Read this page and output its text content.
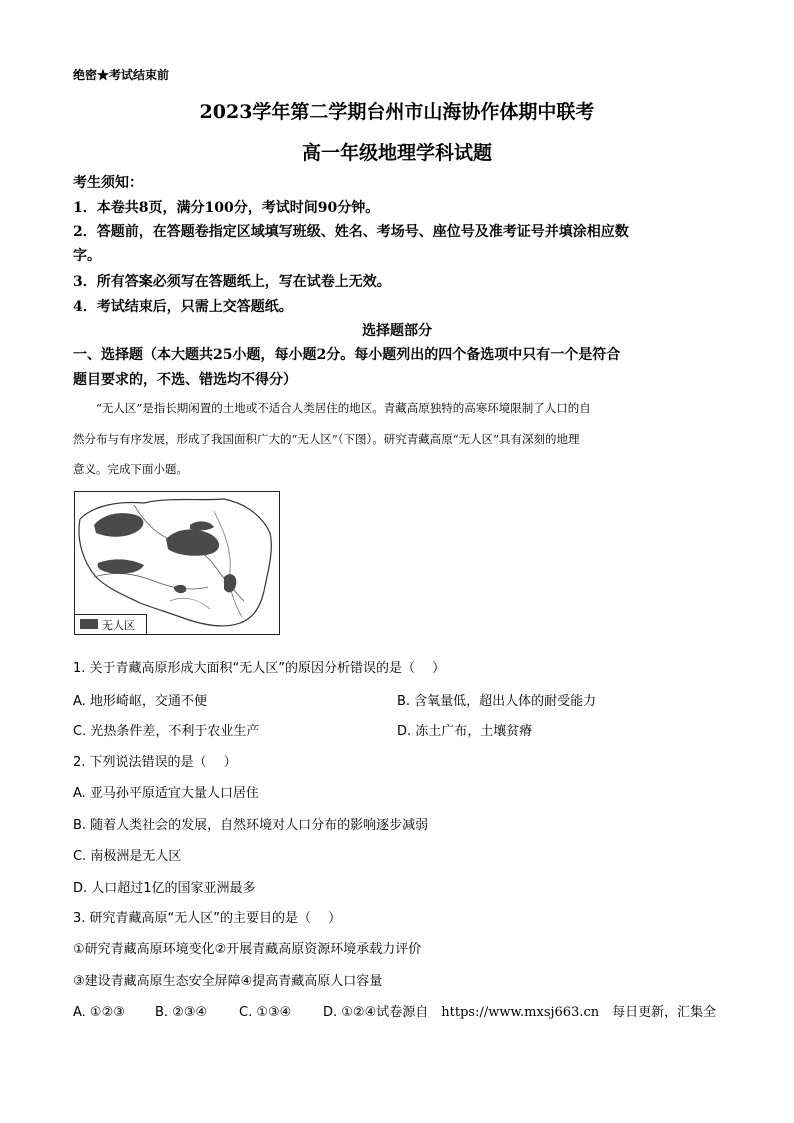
绝密★考试结束前
2023学年第二学期台州市山海协作体期中联考
高一年级地理学科试题
考生须知：
1．本卷共8页，满分100分，考试时间90分钟。
2．答题前，在答题卷指定区域填写班级、姓名、考场号、座位号及准考证号并填涂相应数
字。
3．所有答案必须写在答题纸上，写在试卷上无效。
4．考试结束后，只需上交答题纸。
选择题部分
一、选择题（本大题共25小题，每小题2分。每小题列出的四个备选项中只有一个是符合
题目要求的，不选、错选均不得分）
“无人区”是指长期闲置的土地或不适合人类居住的地区。青藏高原独特的高寒环境限制了人口的自
然分布与有序发展，形成了我国面积广大的“无人区”（下图）。研究青藏高原“无人区”具有深刻的地理
意义。完成下面小题。
无人区
1. 关于青藏高原形成大面积“无人区”的原因分析错误的是（　 ）
A. 地形崎岖，交通不便	B. 含氧量低，超出人体的耐受能力
C. 光热条件差，不利于农业生产	D. 冻土广布，土壤贫瘠
2. 下列说法错误的是（　 ）
A. 亚马孙平原适宜大量人口居住
B. 随着人类社会的发展，自然环境对人口分布的影响逐步减弱
C. 南极洲是无人区
D. 人口超过1亿的国家亚洲最多
3. 研究青藏高原“无人区”的主要目的是（　 ）
①研究青藏高原环境变化②开展青藏高原资源环境承载力评价
③建设青藏高原生态安全屏障④提高青藏高原人口容量
A. ①②③ B. ②③④ C. ①③④ D. ①②④试卷源自　https://www.mxsj663.cn　每日更新，汇集全
